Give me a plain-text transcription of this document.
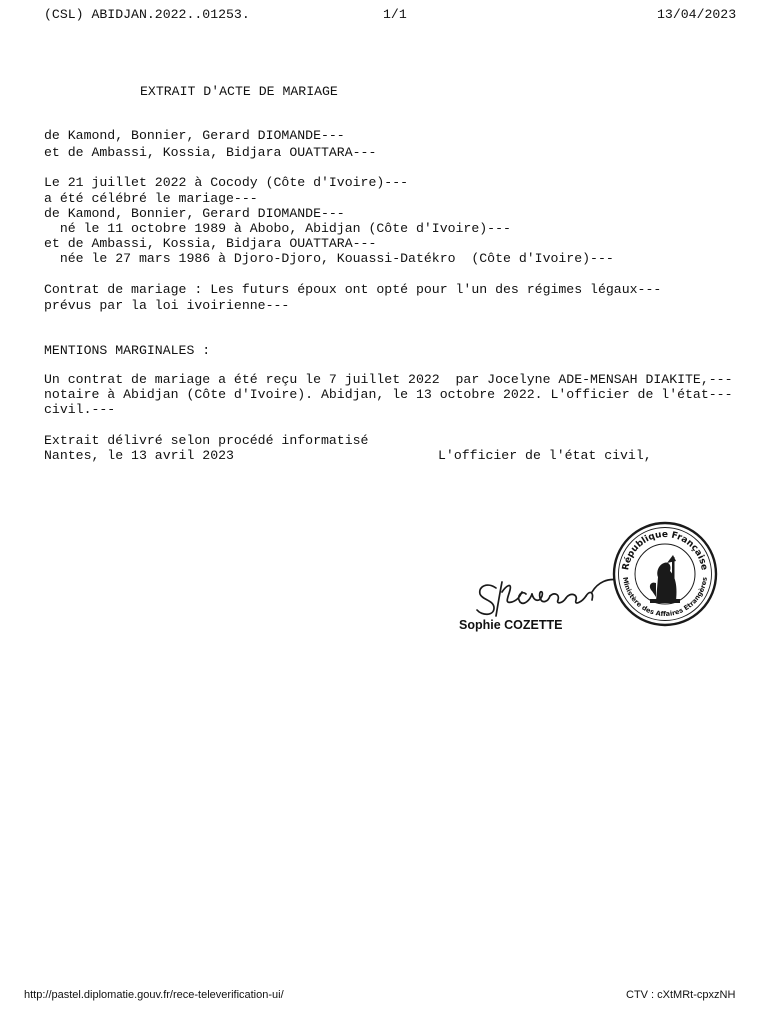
(CSL) ABIDJAN.2022..01253.	1/1	13/04/2023
EXTRAIT D'ACTE DE MARIAGE
de Kamond, Bonnier, Gerard DIOMANDE---
et de Ambassi, Kossia, Bidjara OUATTARA---
Le 21 juillet 2022 à Cocody (Côte d'Ivoire)---
a été célébré le mariage---
de Kamond, Bonnier, Gerard DIOMANDE---
né le 11 octobre 1989 à Abobo, Abidjan (Côte d'Ivoire)---
et de Ambassi, Kossia, Bidjara OUATTARA---
née le 27 mars 1986 à Djoro-Djoro, Kouassi-Datékro  (Côte d'Ivoire)---
Contrat de mariage : Les futurs époux ont opté pour l'un des régimes légaux---
prévus par la loi ivoirienne---
MENTIONS MARGINALES :
Un contrat de mariage a été reçu le 7 juillet 2022  par Jocelyne ADE-MENSAH DIAKITE,---
notaire à Abidjan (Côte d'Ivoire). Abidjan, le 13 octobre 2022. L'officier de l'état---
civil.---
Extrait délivré selon procédé informatisé
Nantes, le 13 avril 2023	L'officier de l'état civil,
Sophie COZETTE
République Française
Ministère des Affaires Etrangères
http://pastel.diplomatie.gouv.fr/rece-televerification-ui/	CTV : cXtMRt-cpxzNH
